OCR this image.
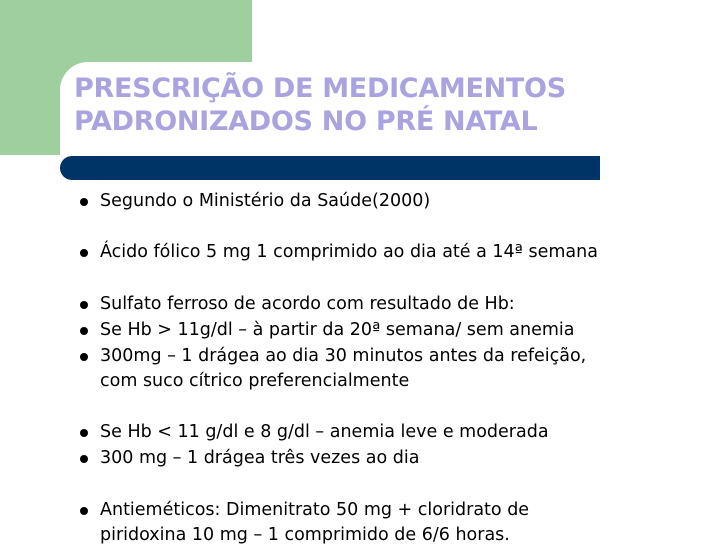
PRESCRIÇÃO DE MEDICAMENTOS
PADRONIZADOS NO PRÉ NATAL
Segundo o Ministério da Saúde(2000)
Ácido fólico 5 mg 1 comprimido ao dia até a 14ª semana
Sulfato ferroso de acordo com resultado de Hb:
Se Hb > 11g/dl – à partir da 20ª semana/ sem anemia
300mg – 1 drágea ao dia 30 minutos antes da refeição,
com suco cítrico preferencialmente
Se Hb < 11 g/dl e 8 g/dl – anemia leve e moderada
300 mg – 1 drágea três vezes ao dia
Antieméticos: Dimenitrato 50 mg + cloridrato de
piridoxina 10 mg – 1 comprimido de 6/6 horas.
